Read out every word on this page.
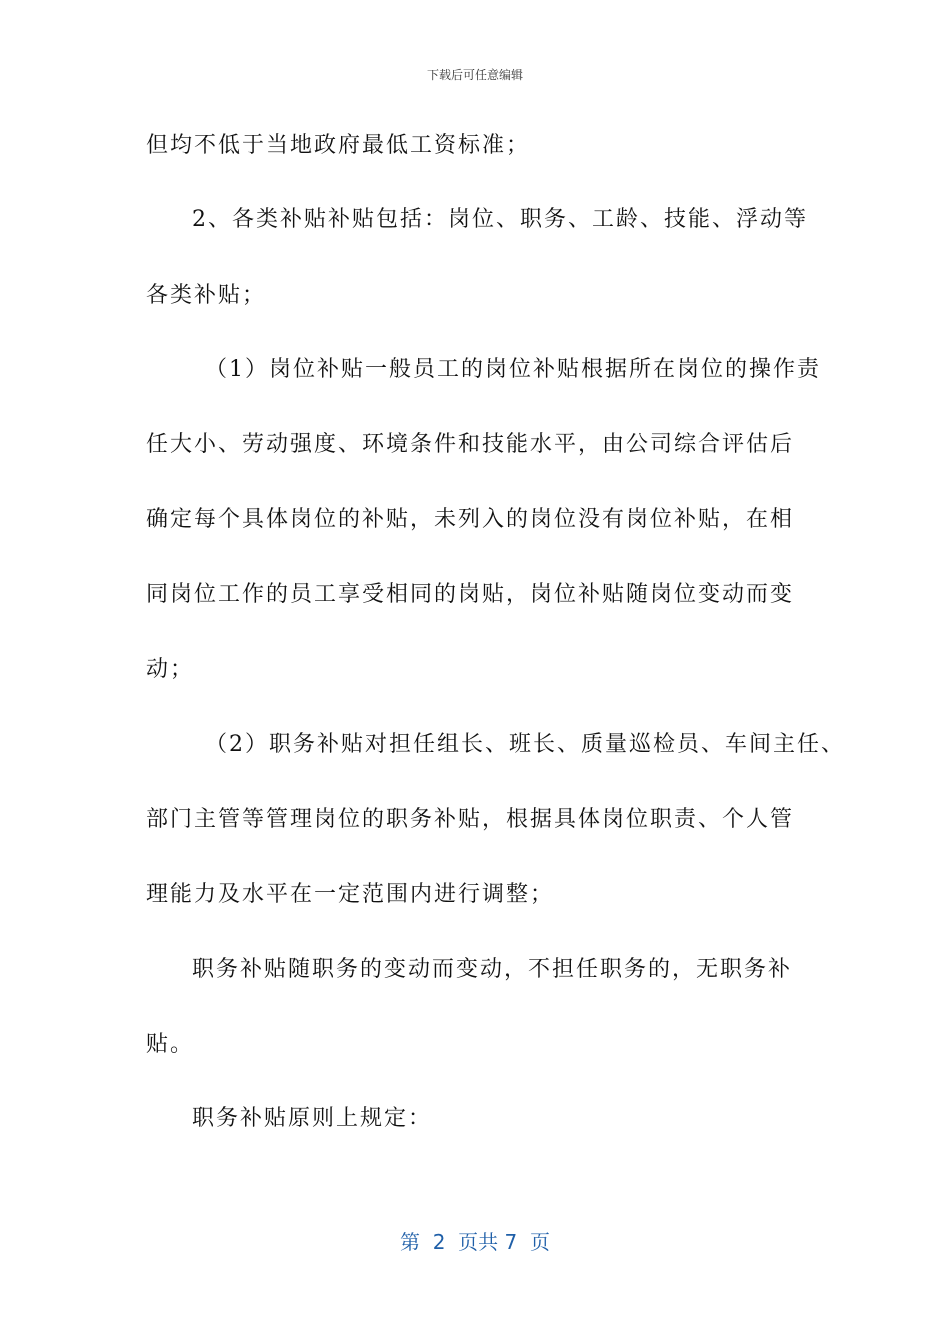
下载后可任意编辑
但均不低于当地政府最低工资标准；
2、各类补贴补贴包括：岗位、职务、工龄、技能、浮动等
各类补贴；
（1）岗位补贴一般员工的岗位补贴根据所在岗位的操作责
任大小、劳动强度、环境条件和技能水平，由公司综合评估后
确定每个具体岗位的补贴，未列入的岗位没有岗位补贴，在相
同岗位工作的员工享受相同的岗贴，岗位补贴随岗位变动而变
动；
（2）职务补贴对担任组长、班长、质量巡检员、车间主任、
部门主管等管理岗位的职务补贴，根据具体岗位职责、个人管
理能力及水平在一定范围内进行调整；
职务补贴随职务的变动而变动，不担任职务的，无职务补
贴。
职务补贴原则上规定：
第  2  页共 7  页
